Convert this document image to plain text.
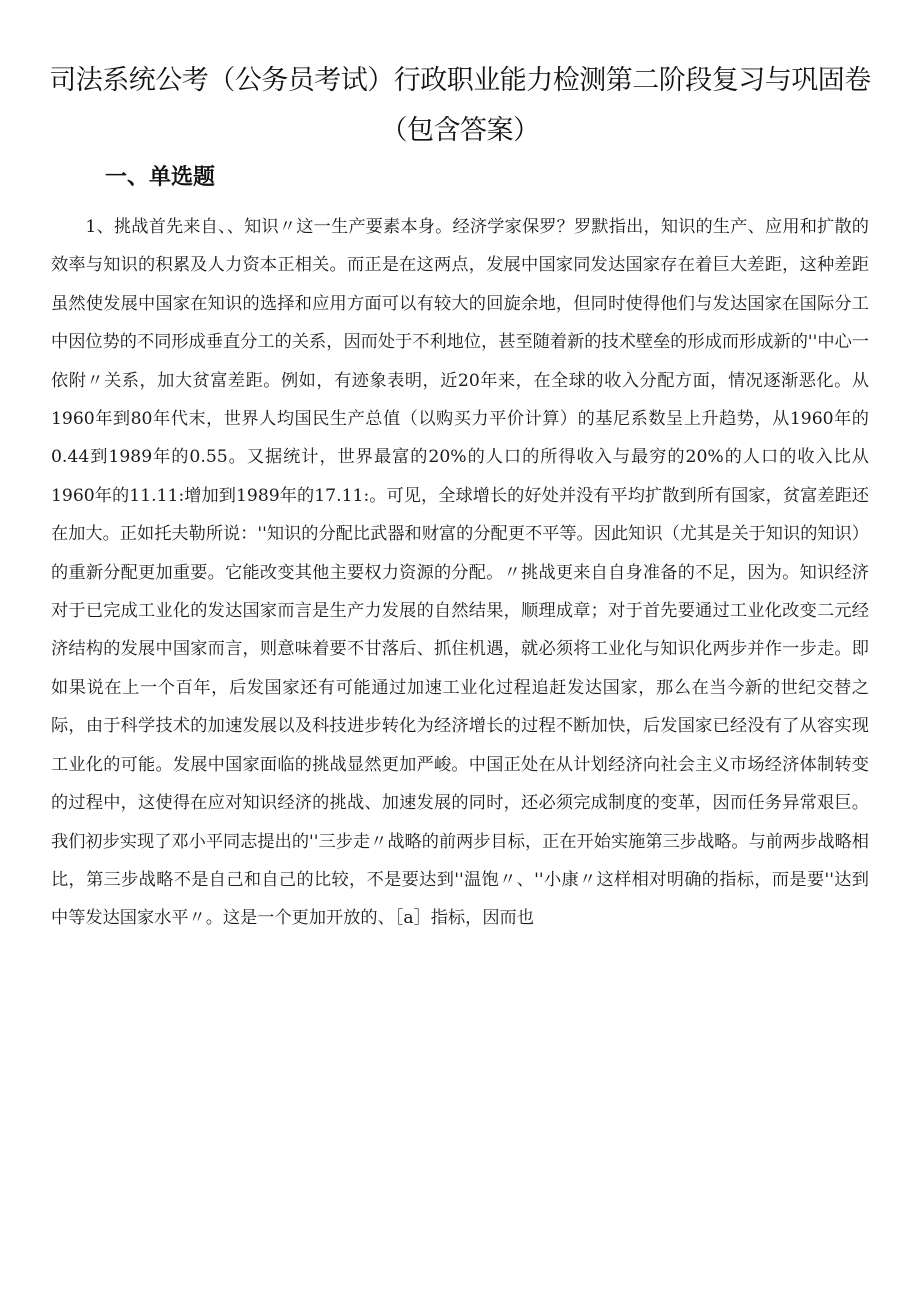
司法系统公考（公务员考试）行政职业能力检测第二阶段复习与巩固卷（包含答案）
一、单选题

1、挑战首先来自、、知识〃这一生产要素本身。经济学家保罗？罗默指出，知识的生产、应用和扩散的效率与知识的积累及人力资本正相关。而正是在这两点，发展中国家同发达国家存在着巨大差距，这种差距虽然使发展中国家在知识的选择和应用方面可以有较大的回旋余地，但同时使得他们与发达国家在国际分工中因位势的不同形成垂直分工的关系，因而处于不利地位，甚至随着新的技术壁垒的形成而形成新的''中心一依附〃关系，加大贫富差距。例如，有迹象表明，近20年来，在全球的收入分配方面，情况逐渐恶化。从1960年到80年代末，世界人均国民生产总值（以购买力平价计算）的基尼系数呈上升趋势，从1960年的0.44到1989年的0.55。又据统计，世界最富的20%的人口的所得收入与最穷的20%的人口的收入比从1960年的11.11:增加到1989年的17.11:。可见，全球增长的好处并没有平均扩散到所有国家，贫富差距还在加大。正如托夫勒所说：''知识的分配比武器和财富的分配更不平等。因此知识（尤其是关于知识的知识）的重新分配更加重要。它能改变其他主要权力资源的分配。〃挑战更来自自身准备的不足，因为。知识经济对于已完成工业化的发达国家而言是生产力发展的自然结果，顺理成章；对于首先要通过工业化改变二元经济结构的发展中国家而言，则意味着要不甘落后、抓住机遇，就必须将工业化与知识化两步并作一步走。即如果说在上一个百年，后发国家还有可能通过加速工业化过程追赶发达国家，那么在当今新的世纪交替之际，由于科学技术的加速发展以及科技进步转化为经济增长的过程不断加快，后发国家已经没有了从容实现工业化的可能。发展中国家面临的挑战显然更加严峻。中国正处在从计划经济向社会主义市场经济体制转变的过程中，这使得在应对知识经济的挑战、加速发展的同时，还必须完成制度的变革，因而任务异常艰巨。我们初步实现了邓小平同志提出的''三步走〃战略的前两步目标，正在开始实施第三步战略。与前两步战略相比，第三步战略不是自己和自己的比较，不是要达到''温饱〃、''小康〃这样相对明确的指标，而是要''达到中等发达国家水平〃。这是一个更加开放的、［a］指标，因而也
